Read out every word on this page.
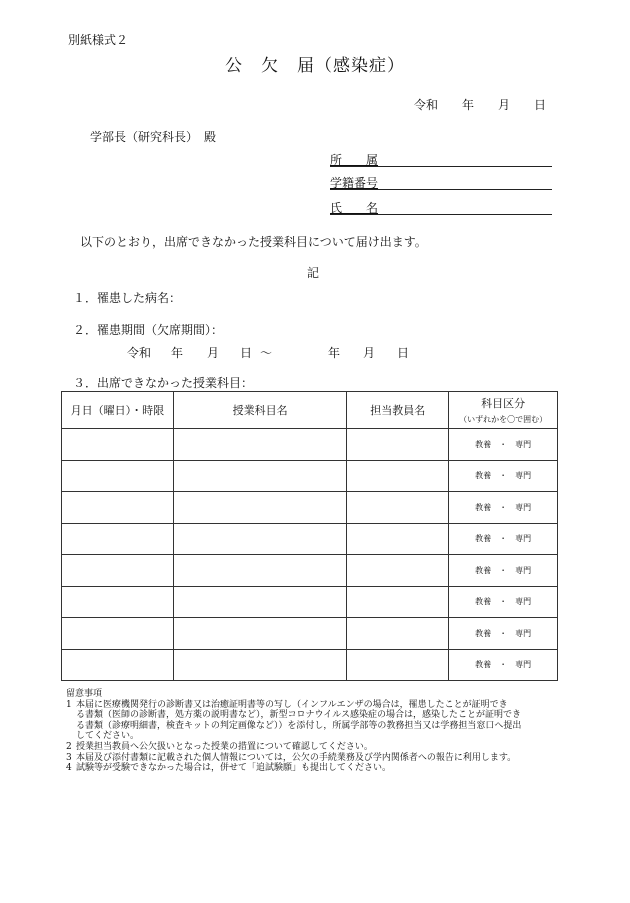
別紙様式２
公　欠　届（感染症）
令和	年	月	日
学部長（研究科長）　殿
所　　属
学籍番号
氏　　名
以下のとおり，出席できなかった授業科目について届け出ます。
記
１．罹患した病名：
２．罹患期間（欠席期間）：
令和	年	月	日 〜	年	月	日
３．出席できなかった授業科目：
月日（曜日）・時限	授業科目名	担当教員名	科目区分
（いずれかを〇で囲む）

			教養　・　専門
			教養　・　専門
			教養　・　専門
			教養　・　専門
			教養　・　専門
			教養　・　専門
			教養　・　専門
			教養　・　専門
留意事項
1 本届に医療機関発行の診断書又は治癒証明書等の写し（インフルエンザの場合は，罹患したことが証明でき
る書類（医師の診断書，処方薬の説明書など），新型コロナウイルス感染症の場合は，感染したことが証明でき
る書類（診療明細書，検査キットの判定画像など））を添付し，所属学部等の教務担当又は学務担当窓口へ提出
してください。
2 授業担当教員へ公欠扱いとなった授業の措置について確認してください。
3 本届及び添付書類に記載された個人情報については，公欠の手続業務及び学内関係者への報告に利用します。
4 試験等が受験できなかった場合は，併せて「追試験願」も提出してください。
